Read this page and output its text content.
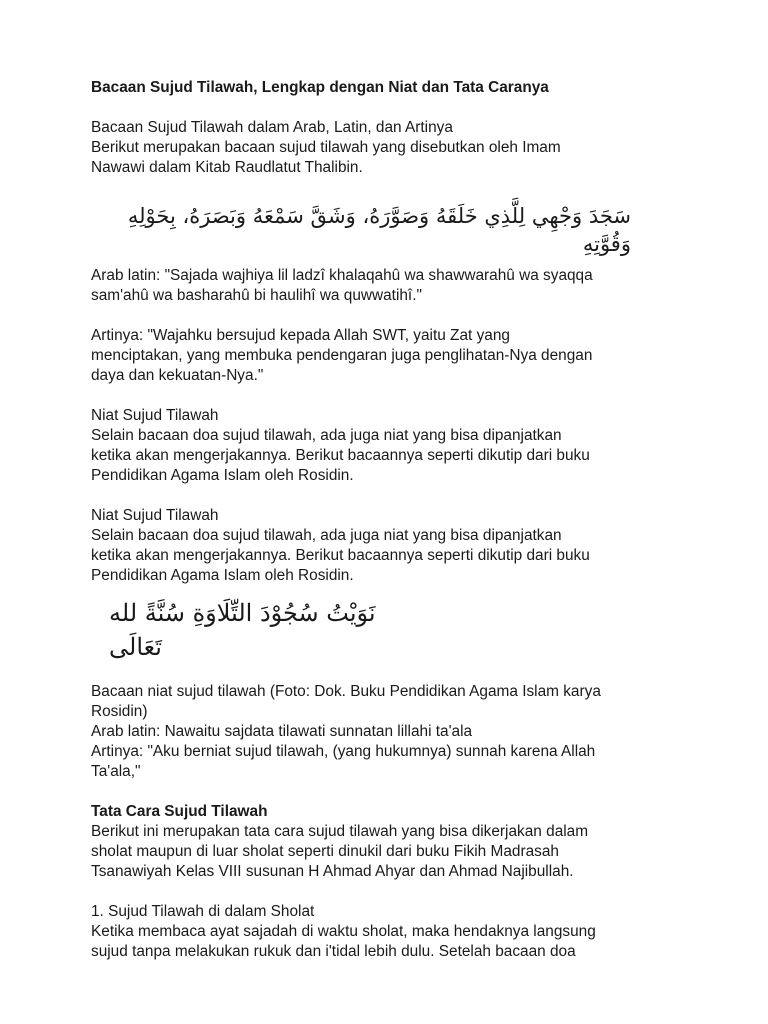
Bacaan Sujud Tilawah, Lengkap dengan Niat dan Tata Caranya
Bacaan Sujud Tilawah dalam Arab, Latin, dan Artinya
Berikut merupakan bacaan sujud tilawah yang disebutkan oleh Imam
Nawawi dalam Kitab Raudlatut Thalibin.
سَجَدَ وَجْهِي لِلَّذِي خَلَقَهُ وَصَوَّرَهُ، وَشَقَّ سَمْعَهُ وَبَصَرَهُ، بِحَوْلِهِ وَقُوَّتِهِ
Arab latin: "Sajada wajhiya lil ladzî khalaqahû wa shawwarahû wa syaqqa
sam'ahû wa basharahû bi haulihî wa quwwatihî."
Artinya: "Wajahku bersujud kepada Allah SWT, yaitu Zat yang
menciptakan, yang membuka pendengaran juga penglihatan-Nya dengan
daya dan kekuatan-Nya."
Niat Sujud Tilawah
Selain bacaan doa sujud tilawah, ada juga niat yang bisa dipanjatkan
ketika akan mengerjakannya. Berikut bacaannya seperti dikutip dari buku
Pendidikan Agama Islam oleh Rosidin.
Niat Sujud Tilawah
Selain bacaan doa sujud tilawah, ada juga niat yang bisa dipanjatkan
ketika akan mengerjakannya. Berikut bacaannya seperti dikutip dari buku
Pendidikan Agama Islam oleh Rosidin.
نَوَيْتُ سُجُوْدَ التِّلَاوَةِ سُنَّةً لله تَعَالَى
Bacaan niat sujud tilawah (Foto: Dok. Buku Pendidikan Agama Islam karya
Rosidin)
Arab latin: Nawaitu sajdata tilawati sunnatan lillahi ta'ala
Artinya: "Aku berniat sujud tilawah, (yang hukumnya) sunnah karena Allah
Ta'ala,"
Tata Cara Sujud Tilawah
Berikut ini merupakan tata cara sujud tilawah yang bisa dikerjakan dalam
sholat maupun di luar sholat seperti dinukil dari buku Fikih Madrasah
Tsanawiyah Kelas VIII susunan H Ahmad Ahyar dan Ahmad Najibullah.
1. Sujud Tilawah di dalam Sholat
Ketika membaca ayat sajadah di waktu sholat, maka hendaknya langsung
sujud tanpa melakukan rukuk dan i'tidal lebih dulu. Setelah bacaan doa
